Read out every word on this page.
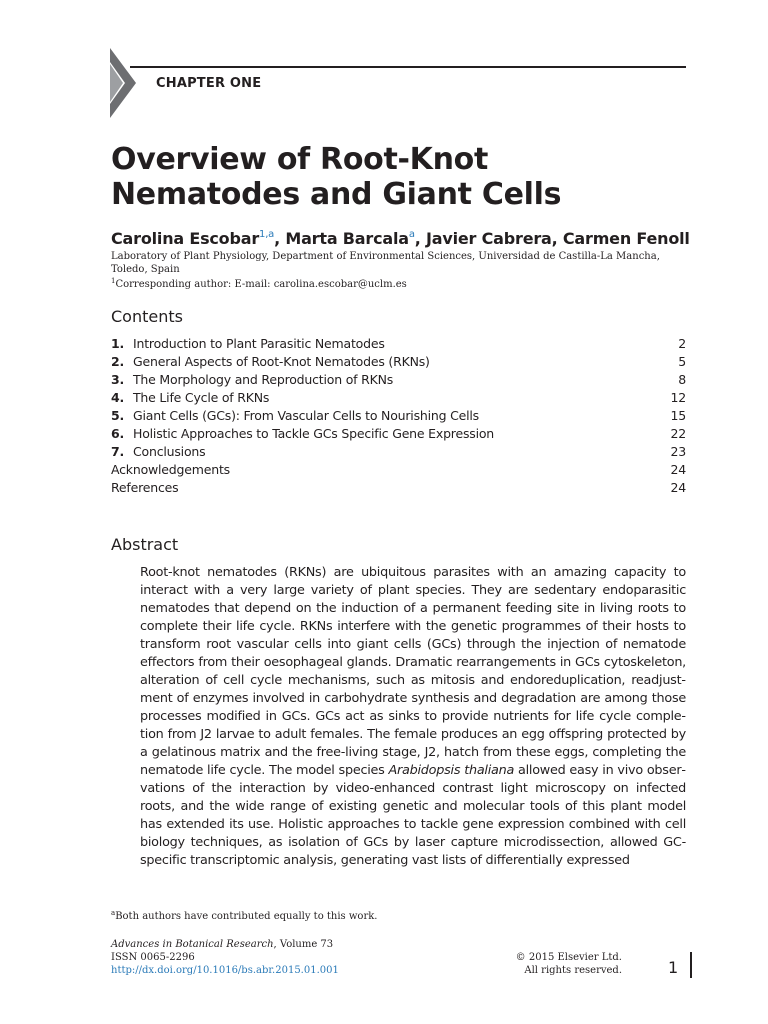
CHAPTER ONE
Overview of Root-Knot
Nematodes and Giant Cells
Carolina Escobar$^{1,a}$, Marta Barcala$^a$, Javier Cabrera, Carmen Fenoll
Laboratory of Plant Physiology, Department of Environmental Sciences, Universidad de Castilla-La Mancha, Toledo, Spain
$^1$Corresponding author: E-mail: carolina.escobar@uclm.es
Contents
1. Introduction to Plant Parasitic Nematodes	2
2. General Aspects of Root-Knot Nematodes (RKNs)	5
3. The Morphology and Reproduction of RKNs	8
4. The Life Cycle of RKNs	12
5. Giant Cells (GCs): From Vascular Cells to Nourishing Cells	15
6. Holistic Approaches to Tackle GCs Specific Gene Expression	22
7. Conclusions	23
Acknowledgements	24
References	24
Abstract

Root-knot nematodes (RKNs) are ubiquitous parasites with an amazing capacity to interact with a very large variety of plant species. They are sedentary endoparasitic nematodes that depend on the induction of a permanent feeding site in living roots to complete their life cycle. RKNs interfere with the genetic programmes of their hosts to transform root vascular cells into giant cells (GCs) through the injection of nematode effectors from their oesophageal glands. Dramatic rearrangements in GCs cytoskeleton, alteration of cell cycle mechanisms, such as mitosis and endoreduplication, readjustment of enzymes involved in carbohydrate synthesis and degradation are among those processes modified in GCs. GCs act as sinks to provide nutrients for life cycle completion from J2 larvae to adult females. The female produces an egg offspring protected by a gelatinous matrix and the free-living stage, J2, hatch from these eggs, completing the nematode life cycle. The model species Arabidopsis thaliana allowed easy in vivo observations of the interaction by video-enhanced contrast light microscopy on infected roots, and the wide range of existing genetic and molecular tools of this plant model has extended its use. Holistic approaches to tackle gene expression combined with cell biology techniques, as isolation of GCs by laser capture microdissection, allowed GC-specific transcriptomic analysis, generating vast lists of differentially expressed

$^a$Both authors have contributed equally to this work.
Advances in Botanical Research, Volume 73
ISSN 0065-2296
http://dx.doi.org/10.1016/bs.abr.2015.01.001
© 2015 Elsevier Ltd.
All rights reserved.	1
